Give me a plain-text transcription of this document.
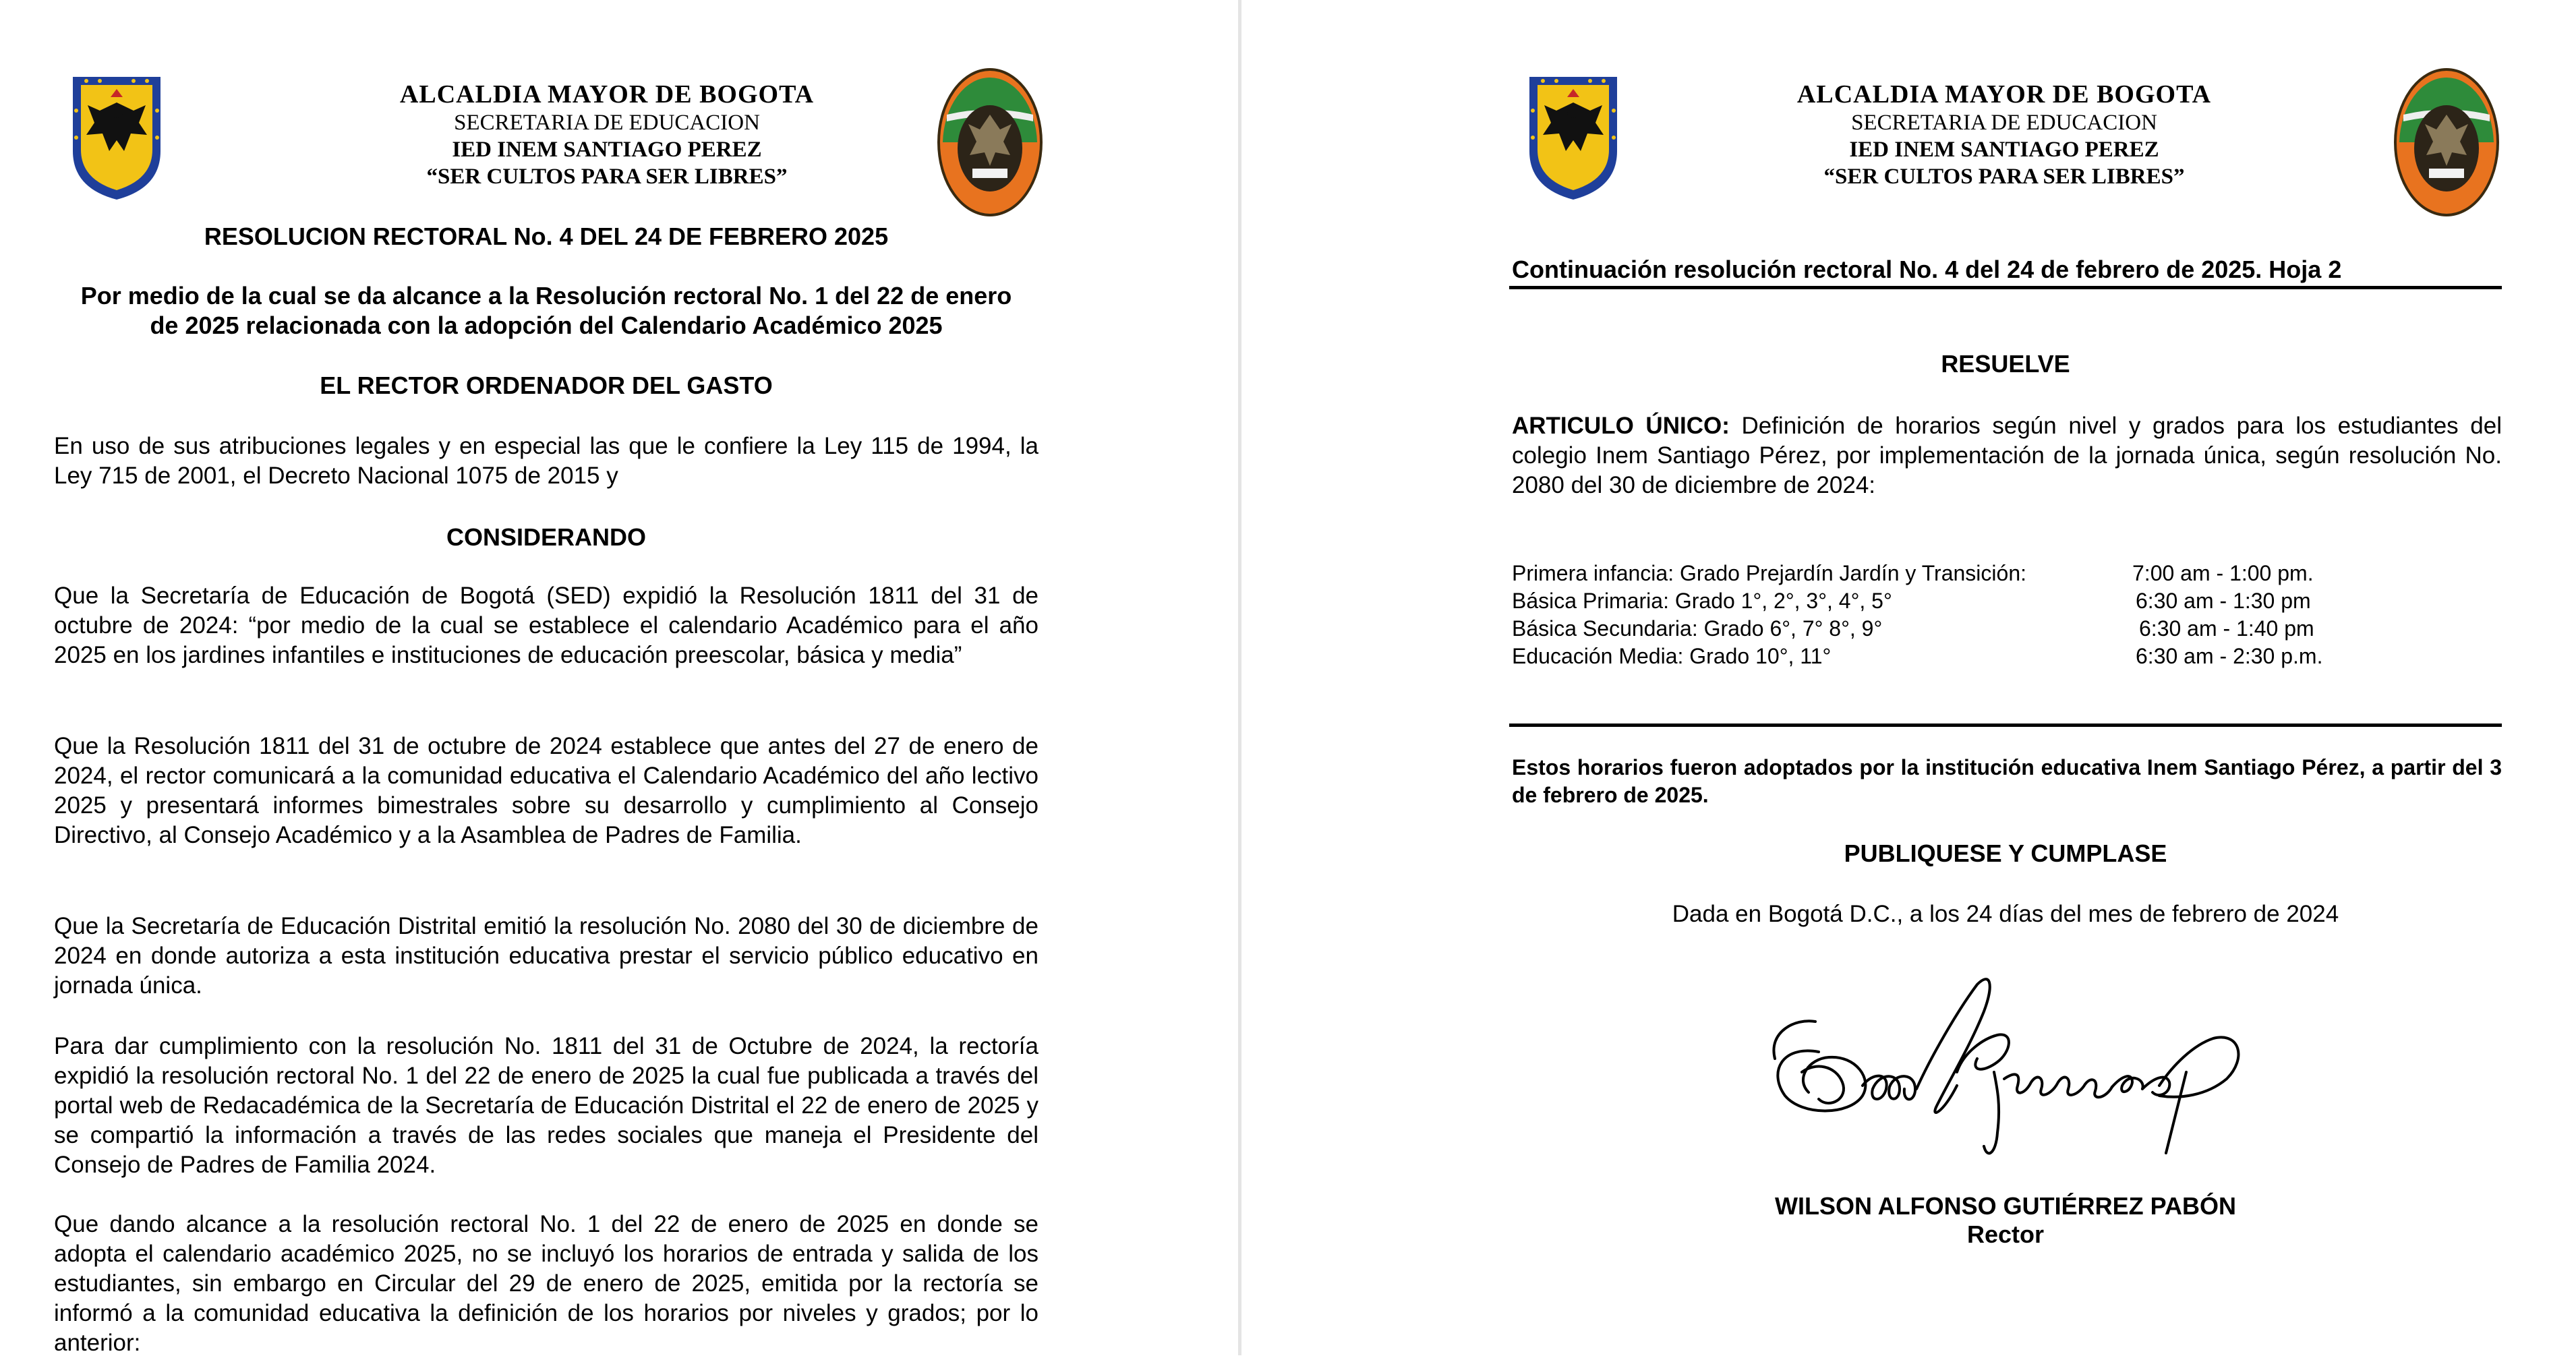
ALCALDIA MAYOR DE BOGOTA
SECRETARIA DE EDUCACION
IED INEM SANTIAGO PEREZ
“SER CULTOS PARA SER LIBRES”
RESOLUCION RECTORAL No. 4 DEL 24 DE FEBRERO 2025
Por medio de la cual se da alcance a la Resolución rectoral No. 1 del 22 de enero de 2025 relacionada con la adopción del Calendario Académico 2025
EL RECTOR ORDENADOR DEL GASTO
En uso de sus atribuciones legales y en especial las que le confiere la Ley 115 de 1994, la Ley 715 de 2001, el Decreto Nacional 1075 de 2015 y
CONSIDERANDO
Que la Secretaría de Educación de Bogotá (SED) expidió la Resolución 1811 del 31 de octubre de 2024: “por medio de la cual se establece el calendario Académico para el año 2025 en los jardines infantiles e instituciones de educación preescolar, básica y media”
Que la Resolución 1811 del 31 de octubre de 2024 establece que antes del 27 de enero de 2024, el rector comunicará a la comunidad educativa el Calendario Académico del año lectivo 2025 y presentará informes bimestrales sobre su desarrollo y cumplimiento al Consejo Directivo, al Consejo Académico y a la Asamblea de Padres de Familia.
Que la Secretaría de Educación Distrital emitió la resolución No. 2080 del 30 de diciembre de 2024 en donde autoriza a esta institución educativa prestar el servicio público educativo en jornada única.
Para dar cumplimiento con la resolución No. 1811 del 31 de Octubre de 2024, la rectoría expidió la resolución rectoral No. 1 del 22 de enero de 2025 la cual fue publicada a través del portal web de Redacadémica de la Secretaría de Educación Distrital el 22 de enero de 2025 y se compartió la información a través de las redes sociales que maneja el Presidente del Consejo de Padres de Familia 2024.
Que dando alcance a la resolución rectoral No. 1 del 22 de enero de 2025 en donde se adopta el calendario académico 2025, no se incluyó los horarios de entrada y salida de los estudiantes, sin embargo en Circular del 29 de enero de 2025, emitida por la rectoría se informó a la comunidad educativa la definición de los horarios por niveles y grados; por lo anterior:
ALCALDIA MAYOR DE BOGOTA
SECRETARIA DE EDUCACION
IED INEM SANTIAGO PEREZ
“SER CULTOS PARA SER LIBRES”
Continuación resolución rectoral No. 4 del 24 de febrero de 2025. Hoja 2
RESUELVE
ARTICULO ÚNICO: Definición de horarios según nivel y grados para los estudiantes del colegio Inem Santiago Pérez, por implementación de la jornada única, según resolución No. 2080 del 30 de diciembre de 2024:
Primera infancia: Grado Prejardín Jardín y Transición:	7:00 am - 1:00 pm.
Básica Primaria: Grado 1°, 2°, 3°, 4°, 5°	6:30 am - 1:30 pm
Básica Secundaria: Grado 6°, 7° 8°, 9°	6:30 am - 1:40 pm
Educación Media: Grado 10°, 11°	6:30 am - 2:30 p.m.
Estos horarios fueron adoptados por la institución educativa Inem Santiago Pérez, a partir del 3 de febrero de 2025.
PUBLIQUESE Y CUMPLASE
Dada en Bogotá D.C., a los 24 días del mes de febrero de 2024
WILSON ALFONSO GUTIÉRREZ PABÓN
Rector
